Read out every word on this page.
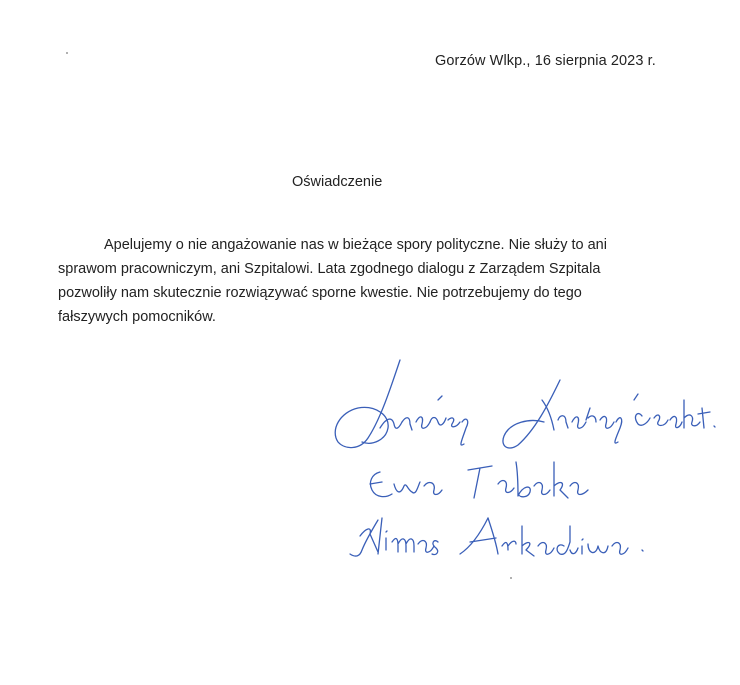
Gorzów Wlkp., 16 sierpnia 2023 r.
Oświadczenie
Apelujemy o nie angażowanie nas w bieżące spory polityczne. Nie służy to ani
sprawom pracowniczym, ani Szpitalowi. Lata zgodnego dialogu z Zarządem Szpitala
pozwoliły nam skutecznie rozwiązywać sporne kwestie. Nie potrzebujemy do tego
fałszywych pomocników.
